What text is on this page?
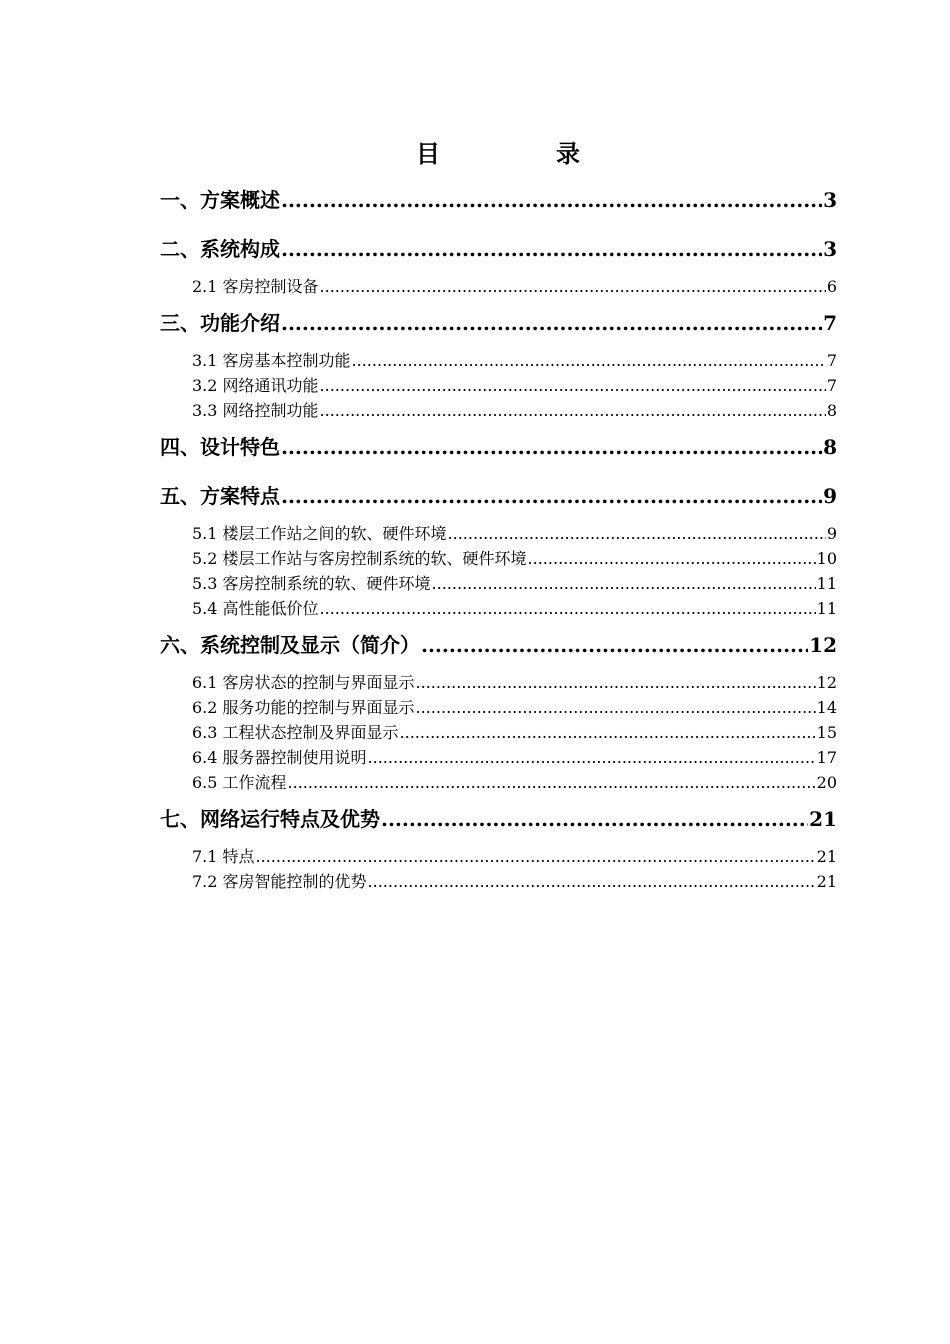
目	录
一、方案概述 .....	3
二、系统构成 .....	3
2.1 客房控制设备 .....	6
三、功能介绍 .....	7
3.1 客房基本控制功能 .....	7
3.2 网络通讯功能 .....	7
3.3 网络控制功能 .....	8
四、设计特色 .....	8
五、方案特点 .....	9
5.1 楼层工作站之间的软、硬件环境 .....	9
5.2 楼层工作站与客房控制系统的软、硬件环境 .....	10
5.3 客房控制系统的软、硬件环境 .....	11
5.4 高性能低价位 .....	11
六、系统控制及显示（简介） .....	12
6.1 客房状态的控制与界面显示 .....	12
6.2 服务功能的控制与界面显示 .....	14
6.3 工程状态控制及界面显示 .....	15
6.4 服务器控制使用说明 .....	17
6.5 工作流程 .....	20
七、网络运行特点及优势 .....	21
7.1 特点 .....	21
7.2 客房智能控制的优势 .....	21
